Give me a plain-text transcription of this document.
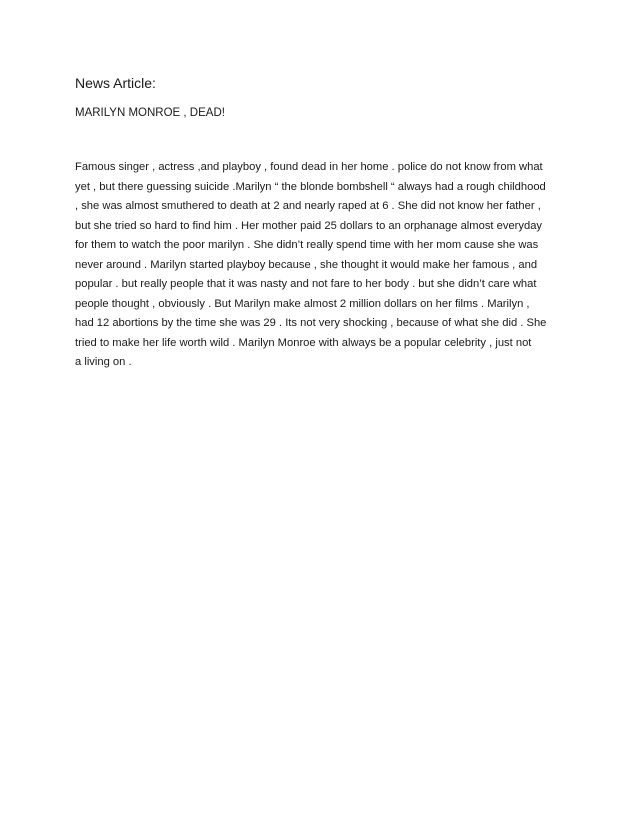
News Article:
MARILYN MONROE , DEAD!
Famous singer , actress ,and playboy , found dead in her home . police do not know from what
yet , but there guessing suicide .Marilyn “ the blonde bombshell “ always had a rough childhood
, she was almost smuthered to death at 2 and nearly raped at 6 . She did not know her father ,
but she tried so hard to find him . Her mother paid 25 dollars to an orphanage almost everyday
for them to watch the poor marilyn . She didn’t really spend time with her mom cause she was
never around . Marilyn started playboy because , she thought it would make her famous , and
popular . but really people that it was nasty and not fare to her body . but she didn’t care what
people thought , obviously . But Marilyn make almost 2 million dollars on her films . Marilyn ,
had 12 abortions by the time she was 29 . Its not very shocking , because of what she did . She
tried to make her life worth wild . Marilyn Monroe with always be a popular celebrity , just not
a living on .
